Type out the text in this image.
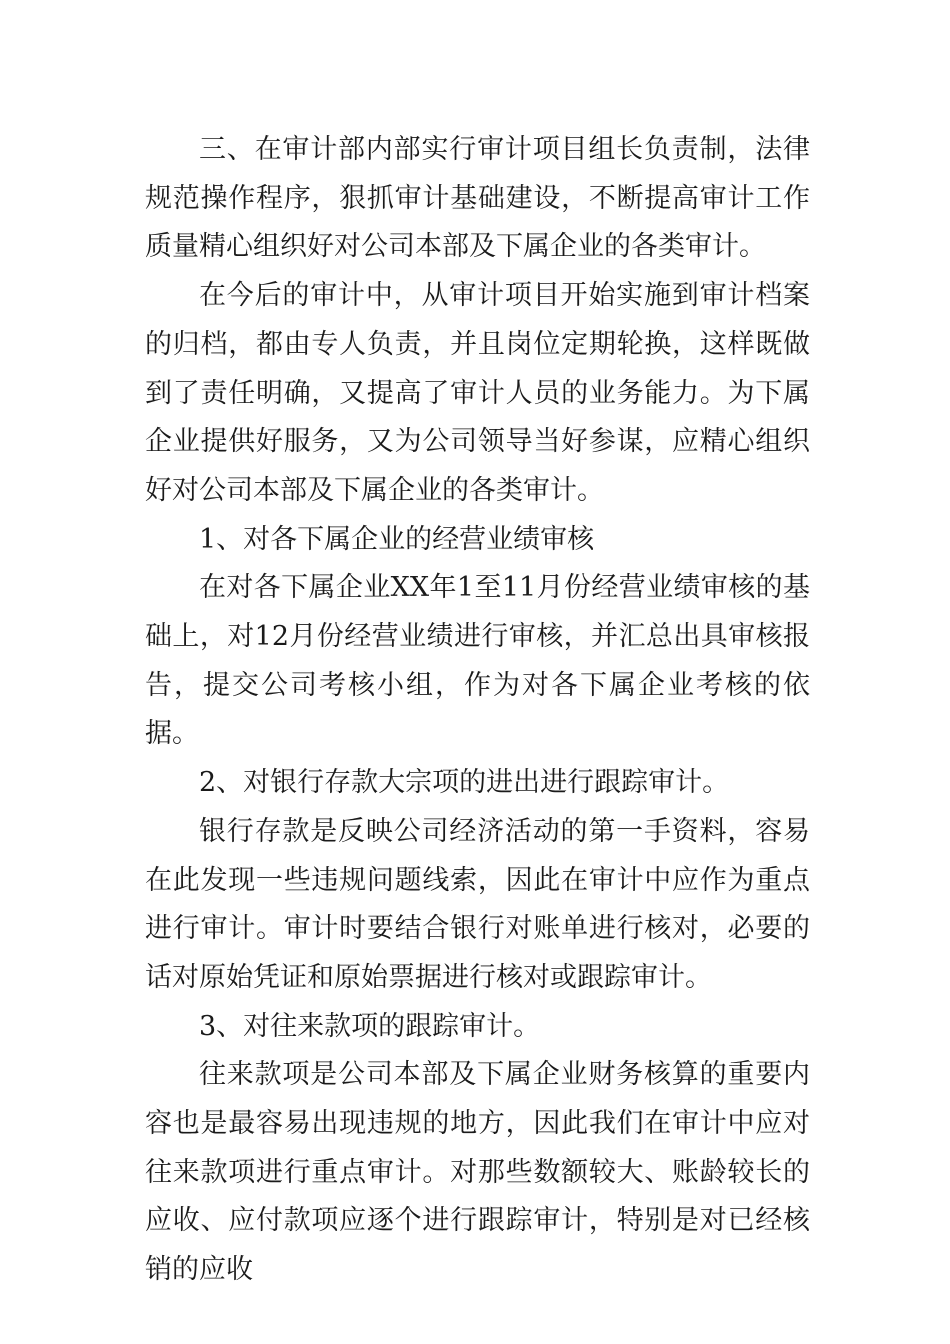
三、在审计部内部实行审计项目组长负责制，法律规范操作程序，狠抓审计基础建设，不断提高审计工作质量精心组织好对公司本部及下属企业的各类审计。

在今后的审计中，从审计项目开始实施到审计档案的归档，都由专人负责，并且岗位定期轮换，这样既做到了责任明确，又提高了审计人员的业务能力。为下属企业提供好服务，又为公司领导当好参谋，应精心组织好对公司本部及下属企业的各类审计。

1、对各下属企业的经营业绩审核

在对各下属企业XX年1至11月份经营业绩审核的基础上，对12月份经营业绩进行审核，并汇总出具审核报告，提交公司考核小组，作为对各下属企业考核的依据。

2、对银行存款大宗项的进出进行跟踪审计。

银行存款是反映公司经济活动的第一手资料，容易在此发现一些违规问题线索，因此在审计中应作为重点进行审计。审计时要结合银行对账单进行核对，必要的话对原始凭证和原始票据进行核对或跟踪审计。

3、对往来款项的跟踪审计。

往来款项是公司本部及下属企业财务核算的重要内容也是最容易出现违规的地方，因此我们在审计中应对往来款项进行重点审计。对那些数额较大、账龄较长的应收、应付款项应逐个进行跟踪审计，特别是对已经核销的应收
